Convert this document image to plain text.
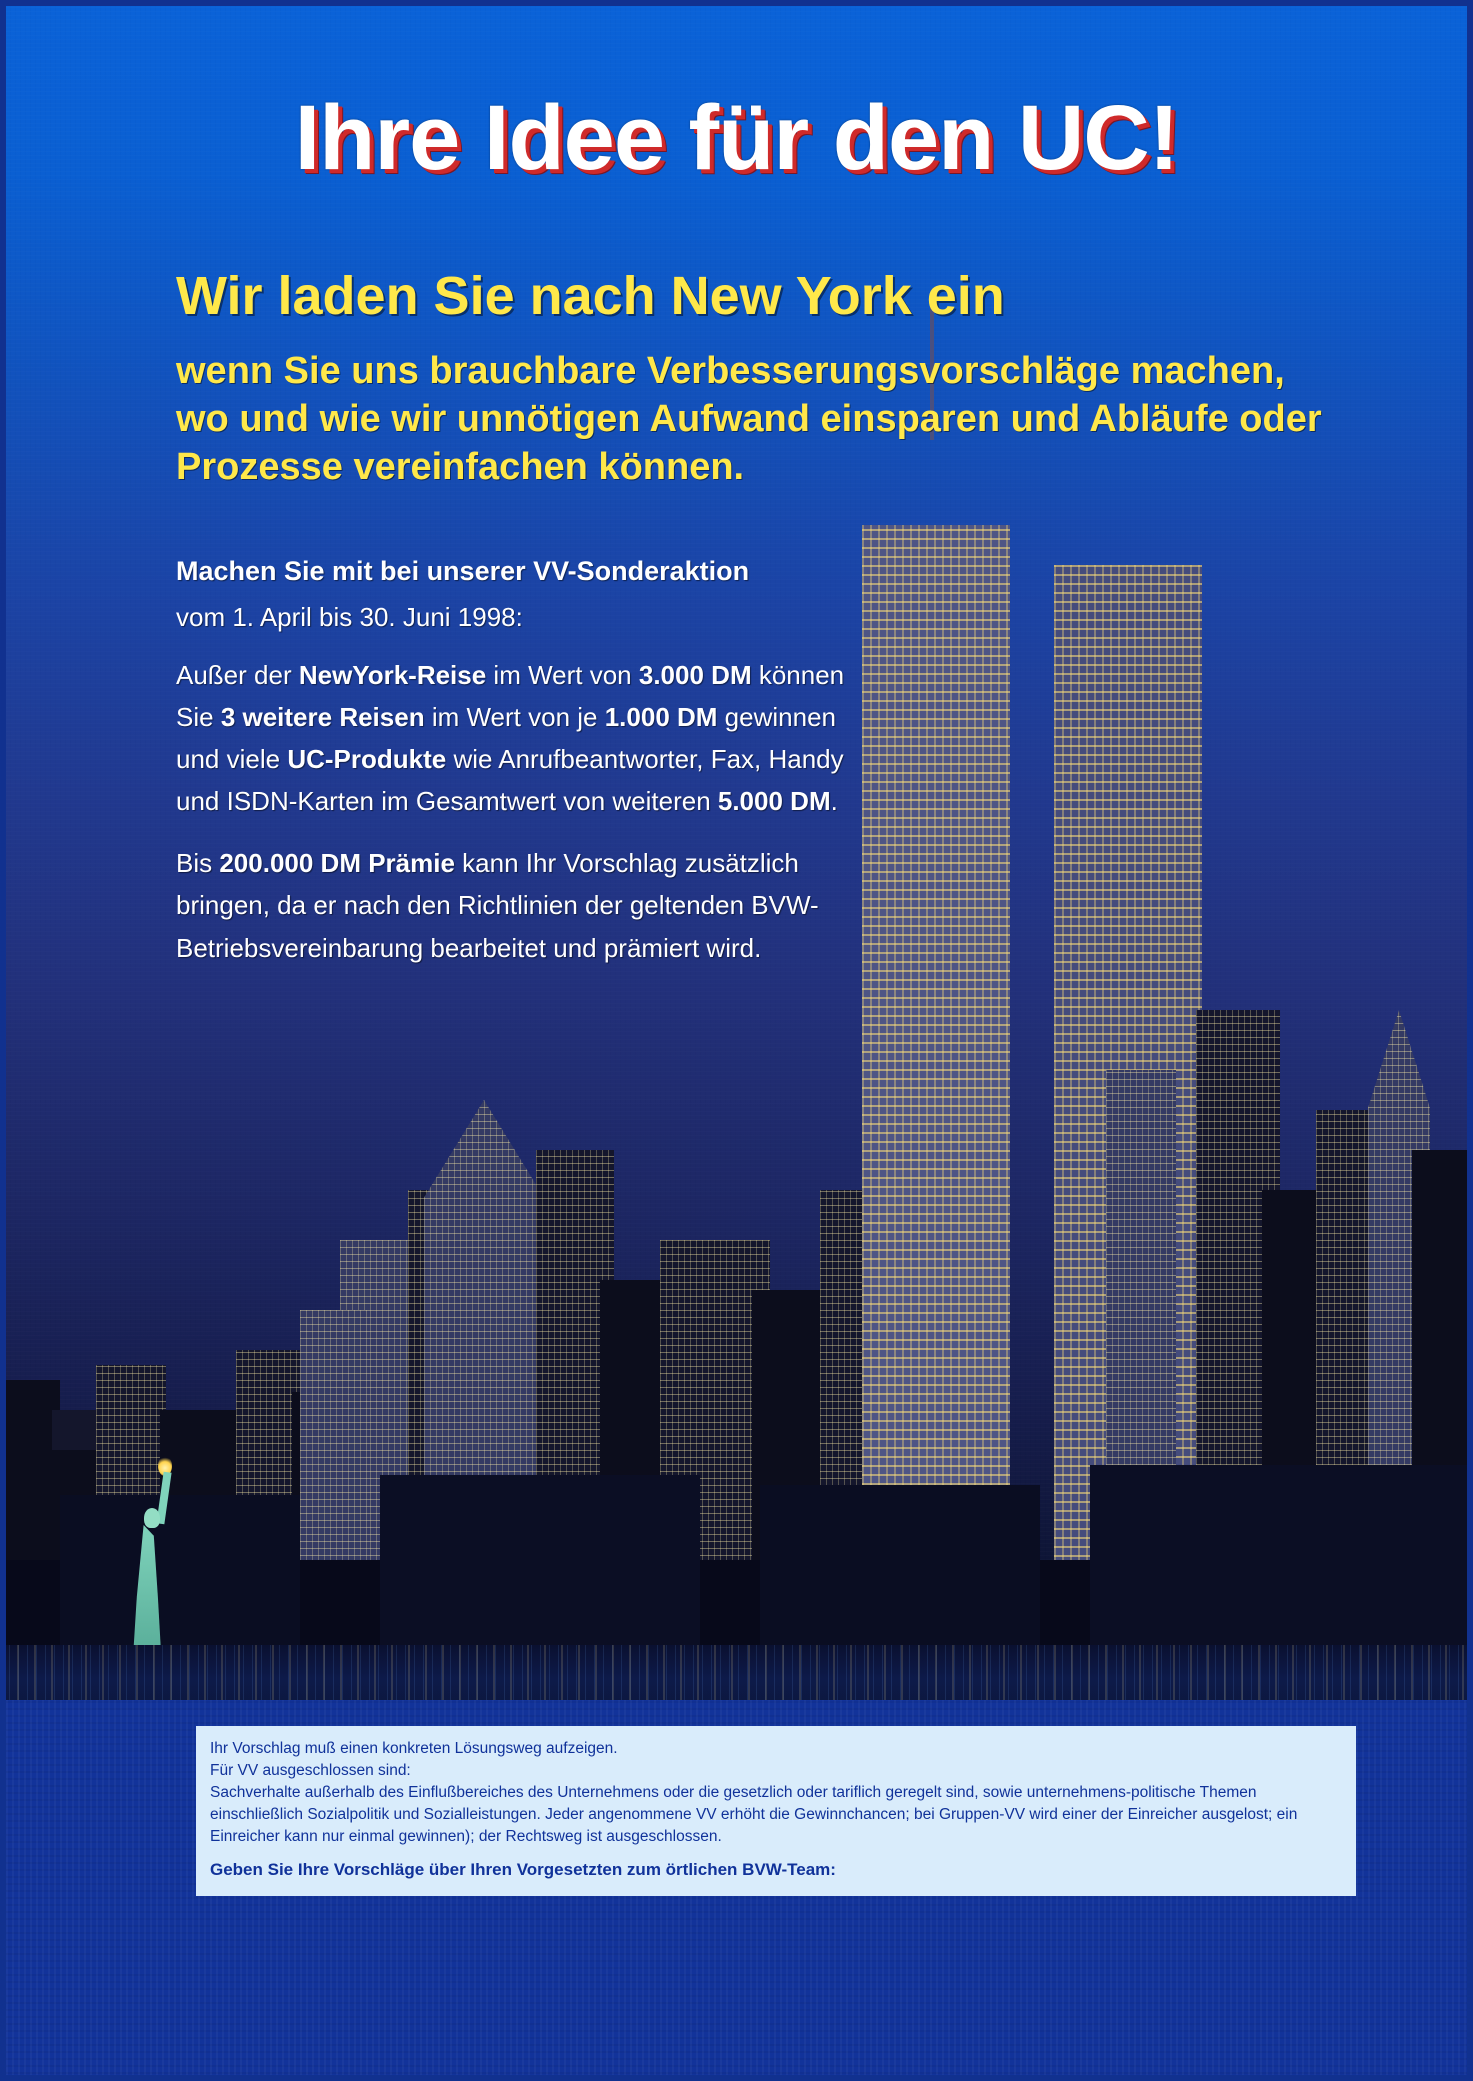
Ihre Idee für den UC!
Wir laden Sie nach New York ein
wenn Sie uns brauchbare Verbesserungsvorschläge machen, wo und wie wir unnötigen Aufwand einsparen und Abläufe oder Prozesse vereinfachen können.

Machen Sie mit bei unserer VV-Sonderaktion

vom 1. April bis 30. Juni 1998:

Außer der NewYork-Reise im Wert von 3.000 DM können Sie 3 weitere Reisen im Wert von je 1.000 DM gewinnen und viele UC-Produkte wie Anrufbeantworter, Fax, Handy und ISDN-Karten im Gesamtwert von weiteren 5.000 DM.

Bis 200.000 DM Prämie kann Ihr Vorschlag zusätzlich bringen, da er nach den Richtlinien der geltenden BVW-Betriebsvereinbarung bearbeitet und prämiert wird.

Ihr Vorschlag muß einen konkreten Lösungsweg aufzeigen.

Für VV ausgeschlossen sind:

Sachverhalte außerhalb des Einflußbereiches des Unternehmens oder die gesetzlich oder tariflich geregelt sind, sowie unternehmens-politische Themen einschließlich Sozialpolitik und Sozialleistungen. Jeder angenommene VV erhöht die Gewinnchancen; bei Gruppen-VV wird einer der Einreicher ausgelost; ein Einreicher kann nur einmal gewinnen); der Rechtsweg ist ausgeschlossen.

Geben Sie Ihre Vorschläge über Ihren Vorgesetzten zum örtlichen BVW-Team:
